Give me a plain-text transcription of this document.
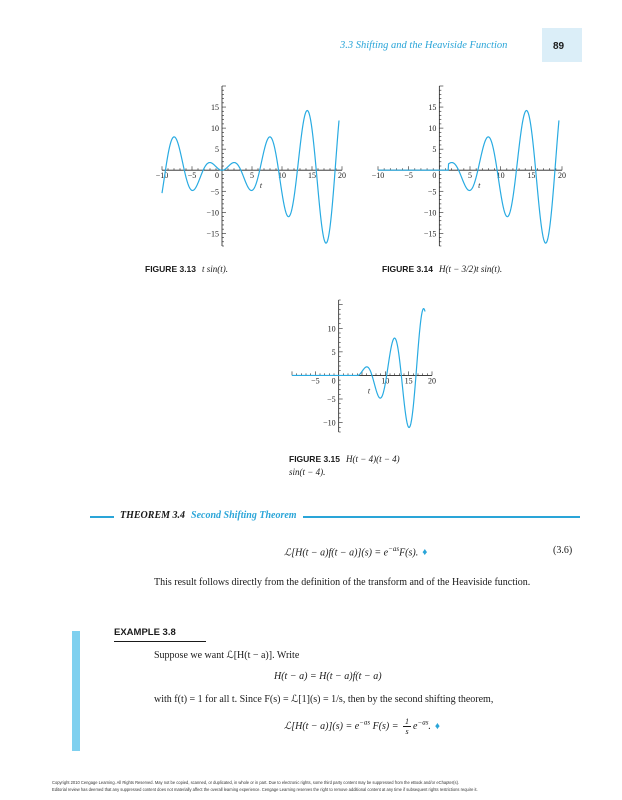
3.3 Shifting and the Heaviside Function	89
−10 −5 0	5	10	15	20
15
10
5
−5
−10
−15
t
−10	−5 0	5	10	15	20
15
10
5
−5
−10
−15
t
0
−5	10 15 20
10
5
−5
−10
t
FIGURE 3.13 t sin(t).	FIGURE 3.14 H(t − 3/2)t sin(t).
FIGURE 3.15 H(t − 4)(t − 4)
sin(t − 4).
THEOREM 3.4 Second Shifting Theorem
ℒ[H(t − $a)f(t - a)](s) = e^{-as}F(s)$. ♦	(3.6)
This result follows directly from the definition of the transform and of the Heaviside function.
EXAMPLE 3.8
Suppose we want ℒ[H(t − a)]. Write
H(t − a) = H(t − a)f(t − a)
with f(t) = 1 for all t. Since F(s) = ℒ[1](s) = 1/s, then by the second shifting theorem,
ℒ[H(t − $a)](s) = e^{-as}$ $F(s) = \frac{1}{s} e^{-as}$. ♦
Copyright 2010 Cengage Learning. All Rights Reserved. May not be copied, scanned, or duplicated, in whole or in part. Due to electronic rights, some third party content may be suppressed from the eBook and/or eChapter(s).
Editorial review has deemed that any suppressed content does not materially affect the overall learning experience. Cengage Learning reserves the right to remove additional content at any time if subsequent rights restrictions require it.
